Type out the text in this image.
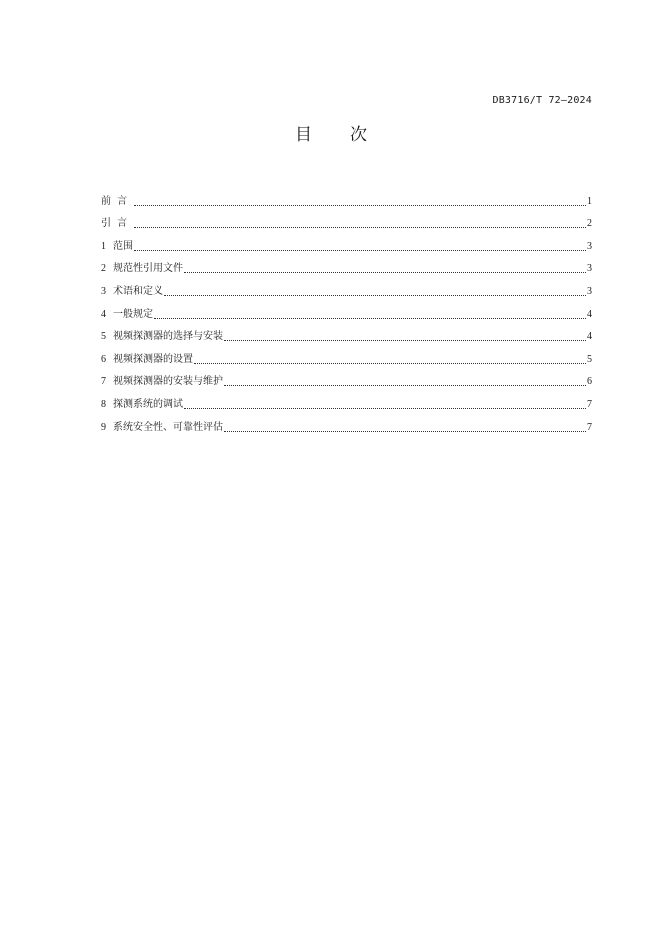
DB3716/T 72—2024
目 次
前言	1
引言	2
1 范围	3
2 规范性引用文件	3
3 术语和定义	3
4 一般规定	4
5 视频探测器的选择与安装	4
6 视频探测器的设置	5
7 视频探测器的安装与维护	6
8 探测系统的调试	7
9 系统安全性、可靠性评估	7
